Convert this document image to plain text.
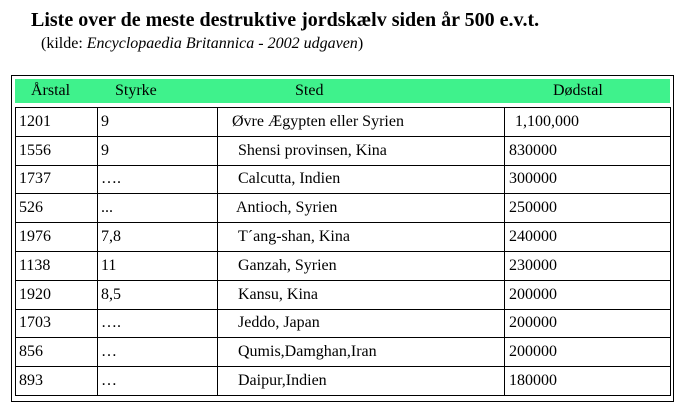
Liste over de meste destruktive jordskælv siden år 500 e.v.t.
(kilde: Encyclopaedia Britannica - 2002 udgaven)
Årstal	Styrke	Sted	Dødstal
1201	9	Øvre Ægypten eller Syrien	1,100,000
1556	9	Shensi provinsen, Kina	830000
1737	….	Calcutta, Indien	300000
526	...	Antioch, Syrien	250000
1976	7,8	T´ang-shan, Kina	240000
1138	11	Ganzah, Syrien	230000
1920	8,5	Kansu, Kina	200000
1703	….	Jeddo, Japan	200000
856	…	Qumis,Damghan,Iran	200000
893	…	Daipur,Indien	180000
